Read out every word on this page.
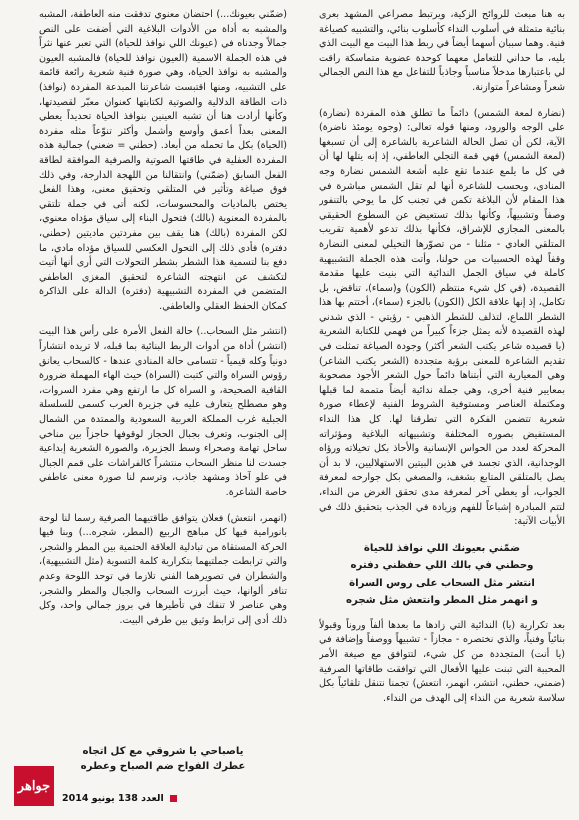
به هنا مبعث للروائح الزكية، ويرتبط مصراعي المشهد بعرى بنائية متمثلة في أسلوب النداء كأسلوب بنائي، والتشبيه كصياغة فنية. وهما سببان أسهما أيضاً في ربط هذا البيت مع البيت الذي يليه، ما حداني للتعامل معهما كوحدة عضوية متماسكة راقت لي باعتبارها مدخلاً مناسباً وجاذباً للتفاعل مع هذا النص الجمالي شعراً ومشاعراً متوازنة.

(نضارة لمعة الشمس) دائماً ما تطلق هذه المفردة (نضارة) على الوجه والورود، ومنها قوله تعالى: (وجوه يومئذ ناضرة) الآية، لكن أن تصل الحالة الشاعرية بالشاعرة إلى أن تسبغها (لمعة الشمس) فهي قمة التجلي العاطفي، إذ إنه يتلها لها أن في كل ما يلمع عندما تقع عليه أشعة الشمس نضارة وجه المنادى، ويحسب للشاعرة أنها لم تقل الشمس مباشرة في هذا المقام لأن البلاغة تكمن في تجنب كل ما يوحي بالتنفور وصفاً وتشبيهاً، وكأنها بذلك تستعيض عن السطوع الحقيقي بالمعنى المجازي للإشراق، فكأنها بذلك تدعو لأهمية تقريب المتلقي العادي - مثلنا - من تصوّرها التخيلي لمعنى النضارة وقفاً لهذه الحسبيات من حولنا، وأتت هذه الجملة التشبيهية كاملة في سياق الجمل الندائية التي بنيت عليها مقدمة القصيدة، (في كل شيء منتظم (الكون) و(سماء)، تناقض، بل تكامل، إذ إنها علاقة الكل (الكون) بالجزء (سماء)، أختتم بها هذا الشطر اللماع، لتذلف للشطر الذهبي - رؤيتي - الذي شدني لهذه القصيدة لأنه يمثل جزءاً كبيراً من فهمي للكتابة الشعرية (يا قصيده شاعر يكتب الشعر أكثر) وجودة الصياغة تمثلت في تقديم الشاعرة للمعنى برؤية متجددة (الشعر يكتب الشاعر) وهي المعيارية التي أبتناها دائماً حول الشعر الأجود مصحوبة بمعايير فنية أخرى، وهي جملة ندائية أيضاً متممة لما قبلها ومكتملة العناصر ومستوفية الشروط الفنية لإعطاء صورة شعرية تتضمن الفكرة التي تطرقنا لها. كل هذا النداء المستفيض بصوره المختلفة وتشبيهاته البلاغية ومؤثراته المحركة لعدد من الحواس الإنسانية والأحاذ بكل تخيلاته ورؤاه الوجدانية، الذي تجسد في هذين البيتين الاستهلاليين، لا بد أن يصل بالمتلقي المتابع بشغف، والمصغي بكل جوارحه لمعرفة الجواب، أو يعطي آخر لمعرفة مدى تحقق الغرض من النداء، لتتم المبادرة إشباعاً للفهم وزيادة في الجذب بتحقيق ذلك في الأبيات الآتية:

ضمّني بعيونك اللي نوافذ للحياة
وحطني في بالك اللي حفظني دفتره
انتشر مثل السحاب على روس السراة
و انهمر مثل المطر وانتعش مثل شجره

بعد تكرارية (يا) الندائية التي زادها ما بعدها ألفاً وروناً وقبولاً بنائياً وفنياً، والذي نختصره - مجازاً - تشبيهاً ووصفاً وإضافة في (يا أنت) المتجددة من كل شيء، لتتوافق مع صيغة الأمر المحببة التي تبنت عليها الأفعال التي توافقت طاقاتها الصرفية (ضمني، حطني، انتشر، انهمر، انتعش) تجمنا نتنقل تلقائياً بكل سلاسة شعرية من النداء إلى الهدف من النداء.

(ضمّني بعيونك...) احتضان معنوي تدفقت منه العاطفة، المشبه والمشبه به أداة من الأدوات البلاغية التي أضفت على النص جمالاً وجدناه في (عيونك اللي نوافذ للحياة) التي تعبر عنها نثراً في هذه الجملة الاسمية (العيون نوافذ للحياة) فالمشبه العيون والمشبه به نوافذ الحياة، وهي صورة فنية شعرية رائعة قائمة على التشبيه، ومنها اقتبست شاعرتنا المبدعة المفردة (نوافذ) ذات الطاقة الدلالية والصوتية لكتابتها كعنوان معبّر لقصيدتها، وكأنها أرادت هنا أن تشبه العينين بنوافذ الحياة تحديداً يعطي المعنى بعداً أعمق وأوسع وأشمل وأكثر تنوّعاً مثله مفردة (الحياة) بكل ما تحمله من أبعاد. (حطني = ضعني) جمالية هذه المفردة العفلية في طاقتها الصوتية والصرفية الموافقة لطاقة الفعل السابق (ضمّني) وانتقالنا من اللهجة الدارجة، وفي ذلك فوق صياغة وتأثير في المتلقي وتحقيق معنى، وهذا الفعل يختص بالماديات والمحسوسات، لكنه أتى في جملة تلتقي بالمفردة المعنوية (بالك) فتحول البناء إلى سياق مؤداه معنوي، لكن المفردة (بالك) هنا يقف بين مفردتين ماديتين (حطني، دفتره) فأدى ذلك إلى التحول العكسي للسياق مؤداه مادي، ما دفع بنا لتسمية هذا الشطر بشطر التحولات التي أرى أنها أتيت لتكشف عن انتهجته الشاعرة لتحقيق المغزى العاطفي المتضمن في المفردة التشبيهية (دفتره) الدالة على الذاكرة كمكان الحفظ العقلي والعاطفي.

(انتشر مثل السحاب..) حالة الفعل الأمرة على رأس هذا البيت (انتشر) أداة من أدوات الربط البنائية بما قبله، لا تريده انتشاراً دونياً وكله قيمياً - تتسامى حالة المنادى عندها - كالسحاب يعانق رؤوس السراة والتي كتبت (السراة) حيث الهاء المهملة ضرورة القافية الصحيحة، و السراة كل ما ارتفع وهي مفرد السروات، وهو مصطلح يتعارف عليه في جزيرة العرب كسمى للسلسلة الجبلية غرب المملكة العربية السعودية والممتدة من الشمال إلى الجنوب، وتعرف بجبال الحجاز لوقوفها حاجزاً بين مناخي ساحل تهامة وصحراء وسط الجزيرة، والصورة الشعرية إبداعية جسدت لنا منظر السحاب منتشراً كالفراشات على قمم الجبال في علو آخاذ ومشهد جاذب، وترسم لنا صورة معنى عاطفي خاصة الشاعرة.

(انهمر، انتعش) فعلان يتوافق طاقتيهما الصرفية رسما لنا لوحة بانورامية فيها كل مباهج الربيع (المطر، شجره...) وبنا فيها الحركة المستقاة من تبادلية العلاقة الحتمية بين المطر والشجر، والتي ترابطت جملتيهما بتكرارية كلمة التسوية (مثل التشبيهية)، والشطران في تصويرهما الفني تلازما في توحد اللوحة وعدم تنافر ألوانها، حيث أبرزت السحاب والجبال والمطر والشجر، وهي عناصر لا تنفك في تأطيرها في بروز جمالي واحد، وكل ذلك أدى إلى ترابط وثيق بين طرفي البيت.

ياصباحي يا شروقي مع كل اتجاه
عطرك الفواح ضم الصباح وعطره
جواهر
العدد 138 يونيو 2014
